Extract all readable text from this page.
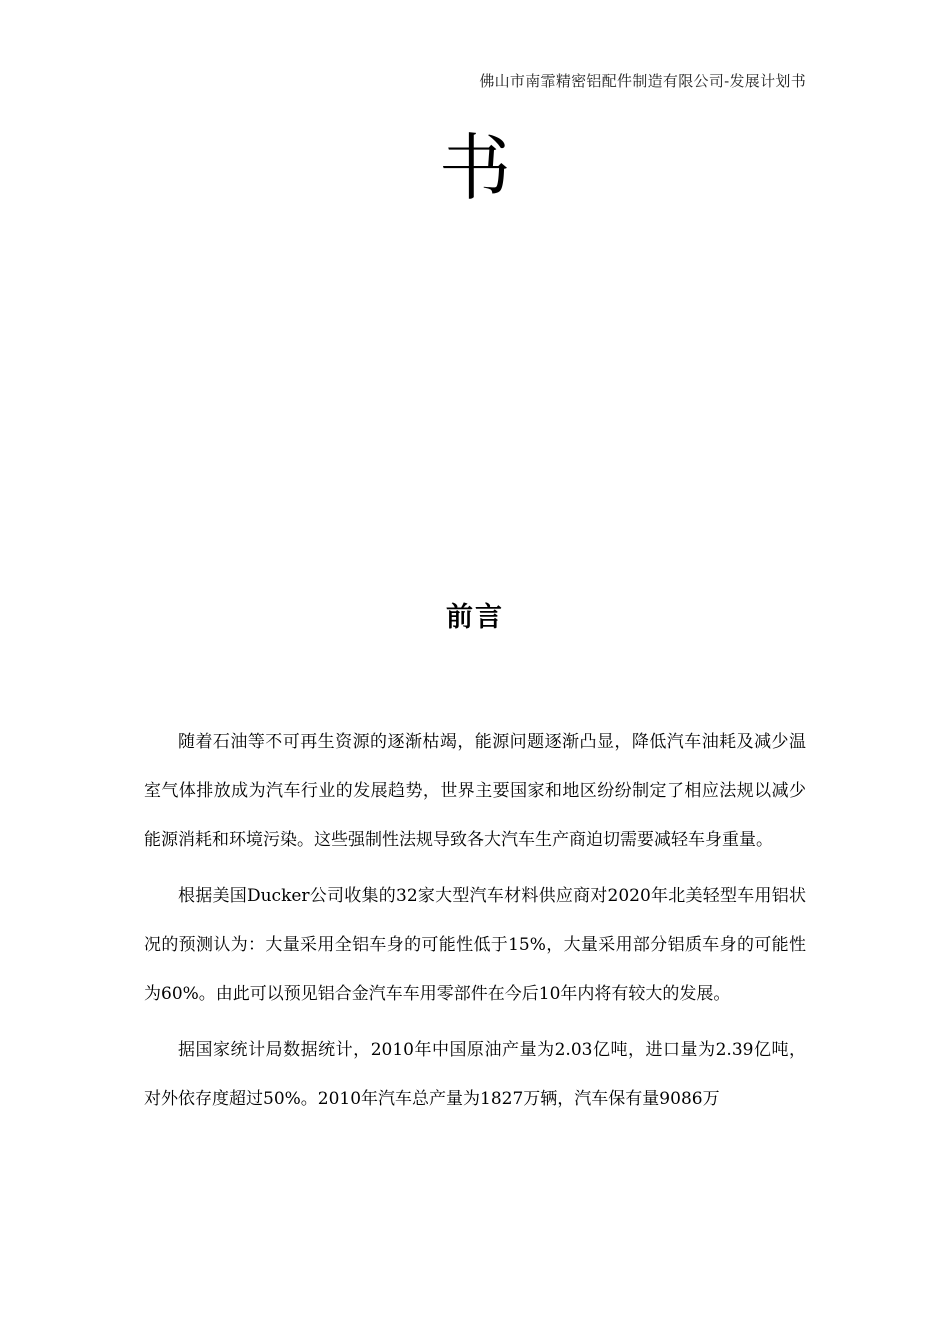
佛山市南霏精密铝配件制造有限公司-发展计划书
书
前言

随着石油等不可再生资源的逐渐枯竭，能源问题逐渐凸显，降低汽车油耗及减少温室气体排放成为汽车行业的发展趋势，世界主要国家和地区纷纷制定了相应法规以减少能源消耗和环境污染。这些强制性法规导致各大汽车生产商迫切需要减轻车身重量。

根据美国Ducker公司收集的32家大型汽车材料供应商对2020年北美轻型车用铝状况的预测认为：大量采用全铝车身的可能性低于15%，大量采用部分铝质车身的可能性为60%。由此可以预见铝合金汽车车用零部件在今后10年内将有较大的发展。

据国家统计局数据统计，2010年中国原油产量为2.03亿吨，进口量为2.39亿吨，对外依存度超过50%。2010年汽车总产量为1827万辆，汽车保有量9086万
